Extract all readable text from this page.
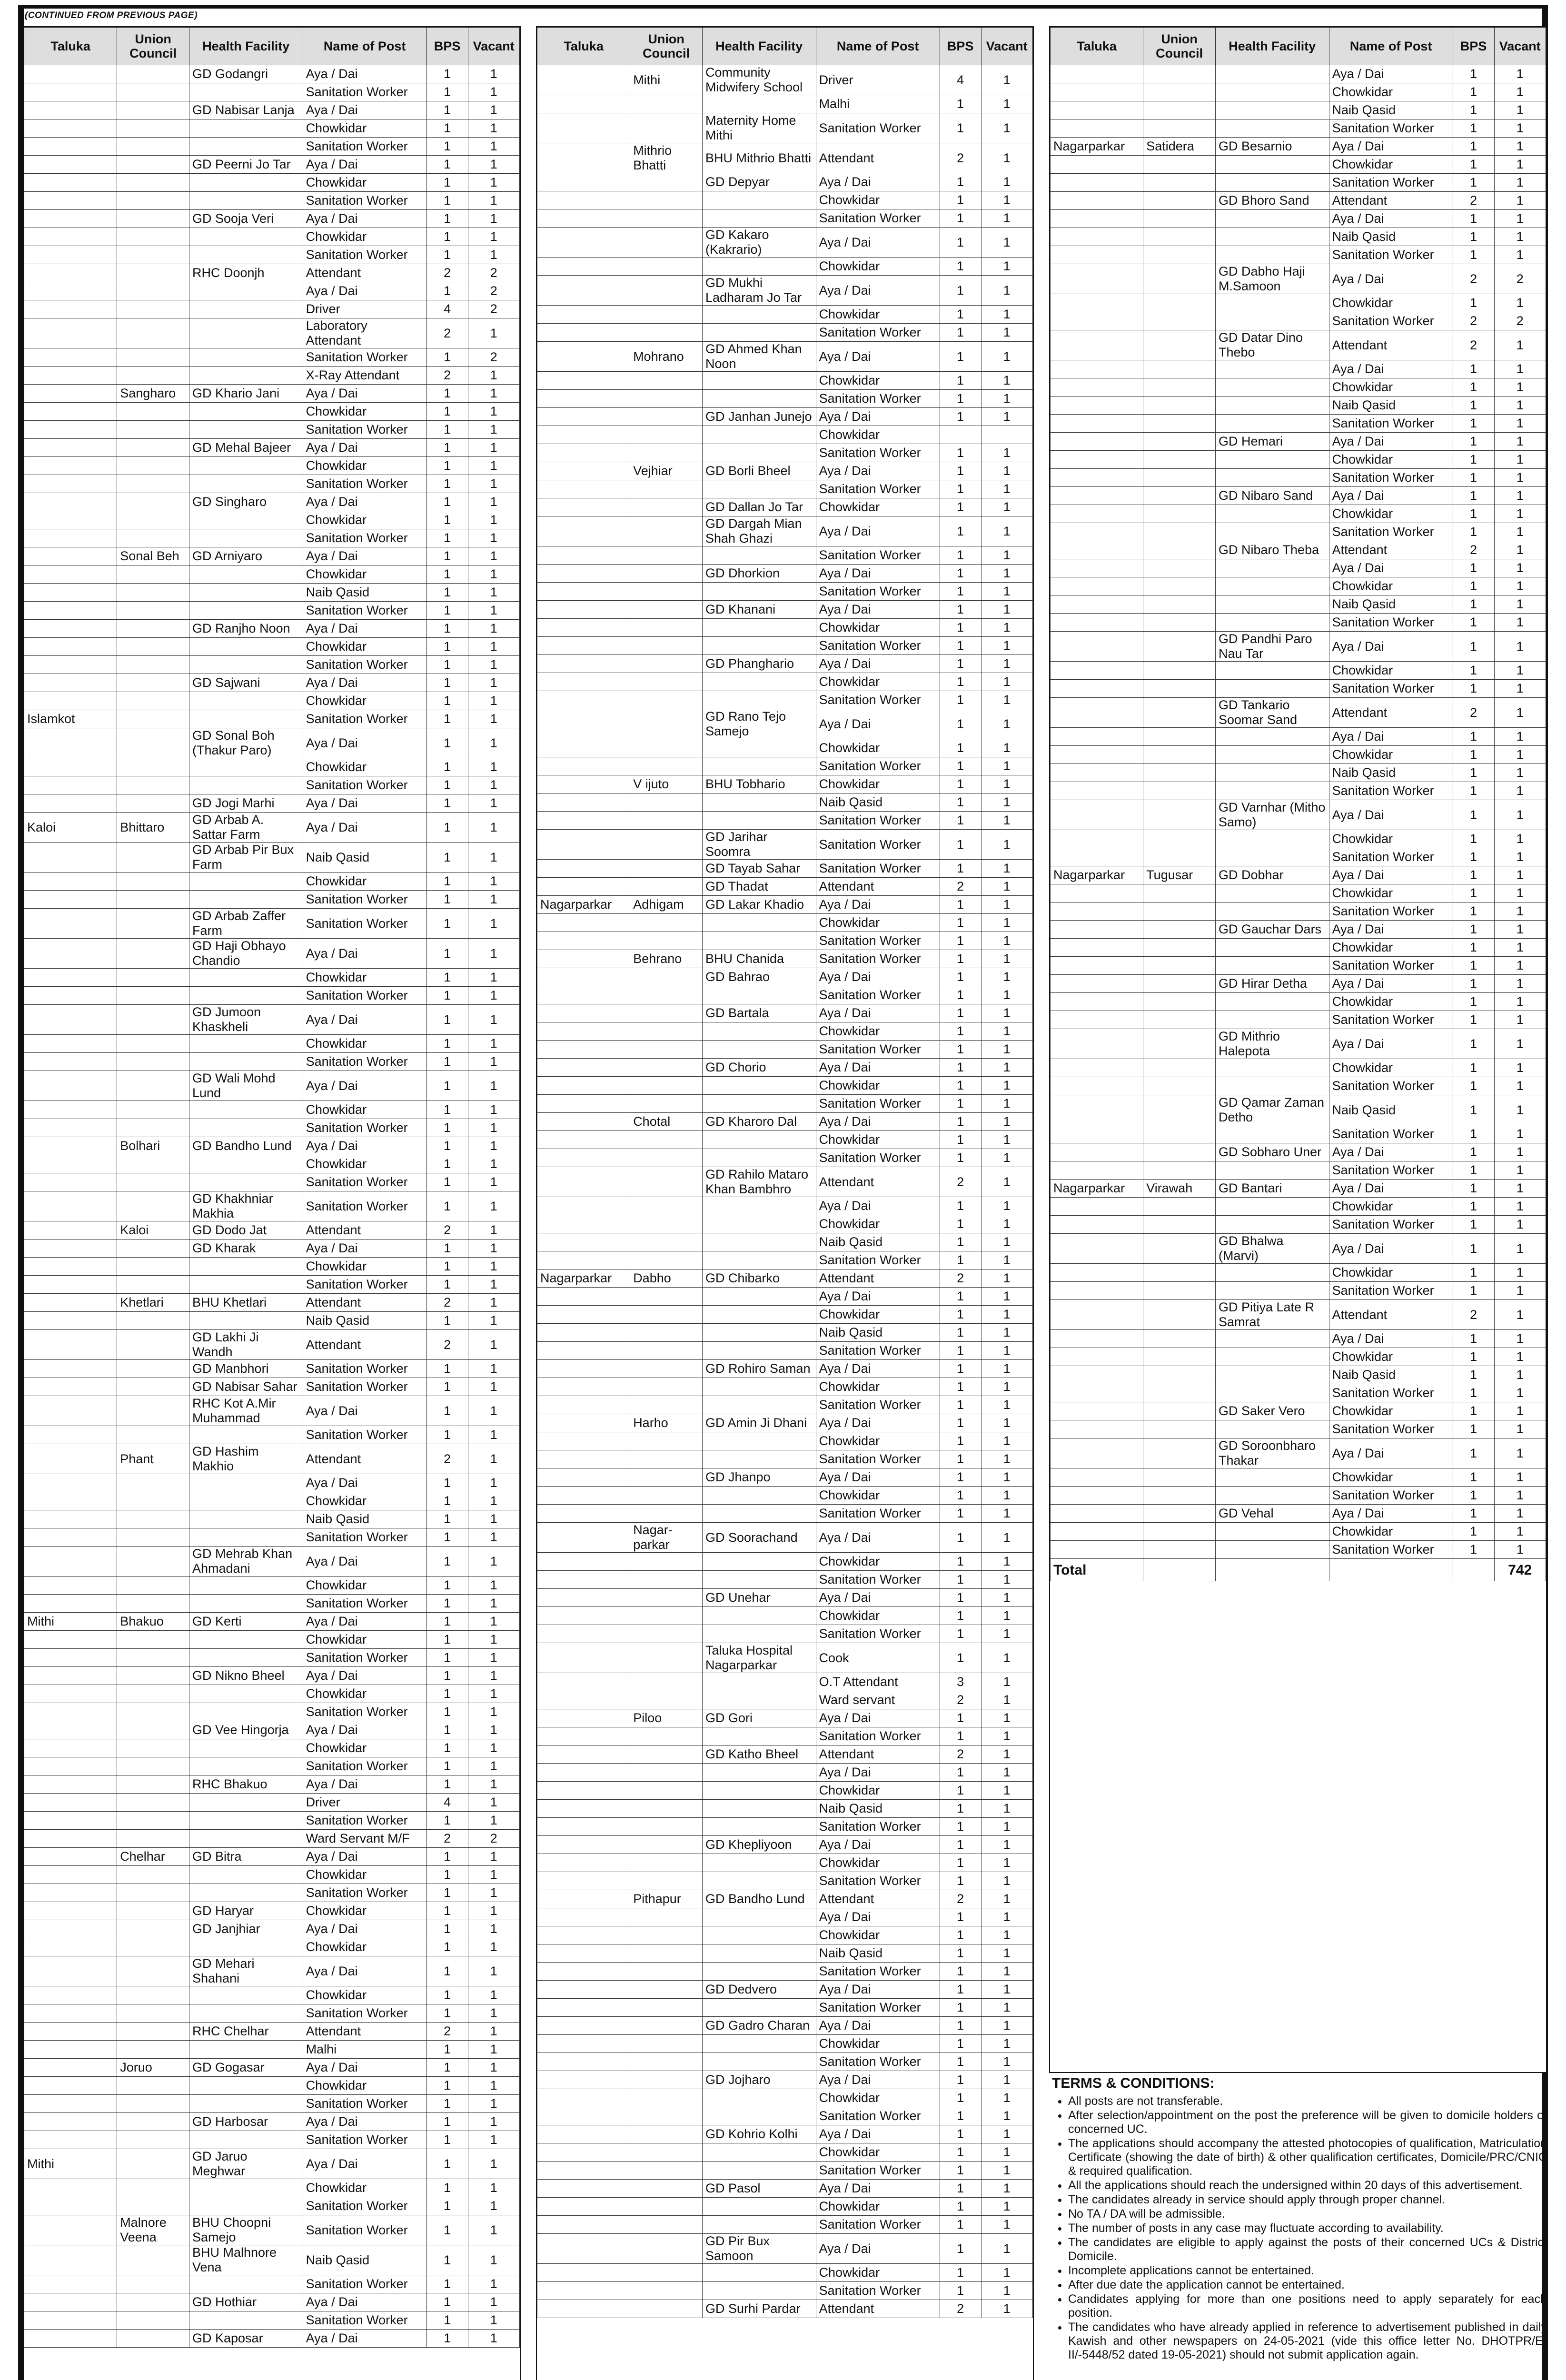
(CONTINUED FROM PREVIOUS PAGE)
Taluka	Union Council	Health Facility	Name of Post	BPS	Vacant
		GD Godangri	Aya / Dai	1	1
			Sanitation Worker	1	1
		GD Nabisar Lanja	Aya / Dai	1	1
			Chowkidar	1	1
			Sanitation Worker	1	1
		GD Peerni Jo Tar	Aya / Dai	1	1
			Chowkidar	1	1
			Sanitation Worker	1	1
		GD Sooja Veri	Aya / Dai	1	1
			Chowkidar	1	1
			Sanitation Worker	1	1
		RHC Doonjh	Attendant	2	2
			Aya / Dai	1	2
			Driver	4	2
			Laboratory Attendant	2	1
			Sanitation Worker	1	2
			X-Ray Attendant	2	1
	Sangharo	GD Khario Jani	Aya / Dai	1	1
			Chowkidar	1	1
			Sanitation Worker	1	1
		GD Mehal Bajeer	Aya / Dai	1	1
			Chowkidar	1	1
			Sanitation Worker	1	1
		GD Singharo	Aya / Dai	1	1
			Chowkidar	1	1
			Sanitation Worker	1	1
	Sonal Beh	GD Arniyaro	Aya / Dai	1	1
			Chowkidar	1	1
			Naib Qasid	1	1
			Sanitation Worker	1	1
		GD Ranjho Noon	Aya / Dai	1	1
			Chowkidar	1	1
			Sanitation Worker	1	1
		GD Sajwani	Aya / Dai	1	1
			Chowkidar	1	1
Islamkot			Sanitation Worker	1	1
		GD Sonal Boh (Thakur Paro)	Aya / Dai	1	1
			Chowkidar	1	1
			Sanitation Worker	1	1
		GD Jogi Marhi	Aya / Dai	1	1
Kaloi	Bhittaro	GD Arbab A. Sattar Farm	Aya / Dai	1	1
		GD Arbab Pir Bux Farm	Naib Qasid	1	1
			Chowkidar	1	1
			Sanitation Worker	1	1
		GD Arbab Zaffer Farm	Sanitation Worker	1	1
		GD Haji Obhayo Chandio	Aya / Dai	1	1
			Chowkidar	1	1
			Sanitation Worker	1	1
		GD Jumoon Khaskheli	Aya / Dai	1	1
			Chowkidar	1	1
			Sanitation Worker	1	1
		GD Wali Mohd Lund	Aya / Dai	1	1
			Chowkidar	1	1
			Sanitation Worker	1	1
	Bolhari	GD Bandho Lund	Aya / Dai	1	1
			Chowkidar	1	1
			Sanitation Worker	1	1
		GD Khakhniar Makhia	Sanitation Worker	1	1
	Kaloi	GD Dodo Jat	Attendant	2	1
		GD Kharak	Aya / Dai	1	1
			Chowkidar	1	1
			Sanitation Worker	1	1
	Khetlari	BHU Khetlari	Attendant	2	1
			Naib Qasid	1	1
		GD Lakhi Ji Wandh	Attendant	2	1
		GD Manbhori	Sanitation Worker	1	1
		GD Nabisar Sahar	Sanitation Worker	1	1
		RHC Kot A.Mir Muhammad	Aya / Dai	1	1
			Sanitation Worker	1	1
	Phant	GD Hashim Makhio	Attendant	2	1
			Aya / Dai	1	1
			Chowkidar	1	1
			Naib Qasid	1	1
			Sanitation Worker	1	1
		GD Mehrab Khan Ahmadani	Aya / Dai	1	1
			Chowkidar	1	1
			Sanitation Worker	1	1
Mithi	Bhakuo	GD Kerti	Aya / Dai	1	1
			Chowkidar	1	1
			Sanitation Worker	1	1
		GD Nikno Bheel	Aya / Dai	1	1
			Chowkidar	1	1
			Sanitation Worker	1	1
		GD Vee Hingorja	Aya / Dai	1	1
			Chowkidar	1	1
			Sanitation Worker	1	1
		RHC Bhakuo	Aya / Dai	1	1
			Driver	4	1
			Sanitation Worker	1	1
			Ward Servant M/F	2	2
	Chelhar	GD Bitra	Aya / Dai	1	1
			Chowkidar	1	1
			Sanitation Worker	1	1
		GD Haryar	Chowkidar	1	1
		GD Janjhiar	Aya / Dai	1	1
			Chowkidar	1	1
		GD Mehari Shahani	Aya / Dai	1	1
			Chowkidar	1	1
			Sanitation Worker	1	1
		RHC Chelhar	Attendant	2	1
			Malhi	1	1
	Joruo	GD Gogasar	Aya / Dai	1	1
			Chowkidar	1	1
			Sanitation Worker	1	1
		GD Harbosar	Aya / Dai	1	1
			Sanitation Worker	1	1
Mithi		GD Jaruo Meghwar	Aya / Dai	1	1
			Chowkidar	1	1
			Sanitation Worker	1	1
	Malnore Veena	BHU Choopni Samejo	Sanitation Worker	1	1
		BHU Malhnore Vena	Naib Qasid	1	1
			Sanitation Worker	1	1
		GD Hothiar	Aya / Dai	1	1
			Sanitation Worker	1	1
		GD Kaposar	Aya / Dai	1	1
Taluka	Union Council	Health Facility	Name of Post	BPS	Vacant
	Mithi	Community Midwifery School	Driver	4	1
			Malhi	1	1
		Maternity Home Mithi	Sanitation Worker	1	1
	Mithrio Bhatti	BHU Mithrio Bhatti	Attendant	2	1
		GD Depyar	Aya / Dai	1	1
			Chowkidar	1	1
			Sanitation Worker	1	1
		GD Kakaro (Kakrario)	Aya / Dai	1	1
			Chowkidar	1	1
		GD Mukhi Ladharam Jo Tar	Aya / Dai	1	1
			Chowkidar	1	1
			Sanitation Worker	1	1
	Mohrano	GD Ahmed Khan Noon	Aya / Dai	1	1
			Chowkidar	1	1
			Sanitation Worker	1	1
		GD Janhan Junejo	Aya / Dai	1	1
			Chowkidar		
			Sanitation Worker	1	1
	Vejhiar	GD Borli Bheel	Aya / Dai	1	1
			Sanitation Worker	1	1
		GD Dallan Jo Tar	Chowkidar	1	1
		GD Dargah Mian Shah Ghazi	Aya / Dai	1	1
			Sanitation Worker	1	1
		GD Dhorkion	Aya / Dai	1	1
			Sanitation Worker	1	1
		GD Khanani	Aya / Dai	1	1
			Chowkidar	1	1
			Sanitation Worker	1	1
		GD Phanghario	Aya / Dai	1	1
			Chowkidar	1	1
			Sanitation Worker	1	1
		GD Rano Tejo Samejo	Aya / Dai	1	1
			Chowkidar	1	1
			Sanitation Worker	1	1
	V ijuto	BHU Tobhario	Chowkidar	1	1
			Naib Qasid	1	1
			Sanitation Worker	1	1
		GD Jarihar Soomra	Sanitation Worker	1	1
		GD Tayab Sahar	Sanitation Worker	1	1
		GD Thadat	Attendant	2	1
Nagarparkar	Adhigam	GD Lakar Khadio	Aya / Dai	1	1
			Chowkidar	1	1
			Sanitation Worker	1	1
	Behrano	BHU Chanida	Sanitation Worker	1	1
		GD Bahrao	Aya / Dai	1	1
			Sanitation Worker	1	1
		GD Bartala	Aya / Dai	1	1
			Chowkidar	1	1
			Sanitation Worker	1	1
		GD Chorio	Aya / Dai	1	1
			Chowkidar	1	1
			Sanitation Worker	1	1
	Chotal	GD Kharoro Dal	Aya / Dai	1	1
			Chowkidar	1	1
			Sanitation Worker	1	1
		GD Rahilo Mataro Khan Bambhro	Attendant	2	1
			Aya / Dai	1	1
			Chowkidar	1	1
			Naib Qasid	1	1
			Sanitation Worker	1	1
Nagarparkar	Dabho	GD Chibarko	Attendant	2	1
			Aya / Dai	1	1
			Chowkidar	1	1
			Naib Qasid	1	1
			Sanitation Worker	1	1
		GD Rohiro Saman	Aya / Dai	1	1
			Chowkidar	1	1
			Sanitation Worker	1	1
	Harho	GD Amin Ji Dhani	Aya / Dai	1	1
			Chowkidar	1	1
			Sanitation Worker	1	1
		GD Jhanpo	Aya / Dai	1	1
			Chowkidar	1	1
			Sanitation Worker	1	1
	Nagar-parkar	GD Soorachand	Aya / Dai	1	1
			Chowkidar	1	1
			Sanitation Worker	1	1
		GD Unehar	Aya / Dai	1	1
			Chowkidar	1	1
			Sanitation Worker	1	1
		Taluka Hospital Nagarparkar	Cook	1	1
			O.T Attendant	3	1
			Ward servant	2	1
	Piloo	GD Gori	Aya / Dai	1	1
			Sanitation Worker	1	1
		GD Katho Bheel	Attendant	2	1
			Aya / Dai	1	1
			Chowkidar	1	1
			Naib Qasid	1	1
			Sanitation Worker	1	1
		GD Khepliyoon	Aya / Dai	1	1
			Chowkidar	1	1
			Sanitation Worker	1	1
	Pithapur	GD Bandho Lund	Attendant	2	1
			Aya / Dai	1	1
			Chowkidar	1	1
			Naib Qasid	1	1
			Sanitation Worker	1	1
		GD Dedvero	Aya / Dai	1	1
			Sanitation Worker	1	1
		GD Gadro Charan	Aya / Dai	1	1
			Chowkidar	1	1
			Sanitation Worker	1	1
		GD Jojharo	Aya / Dai	1	1
			Chowkidar	1	1
			Sanitation Worker	1	1
		GD Kohrio Kolhi	Aya / Dai	1	1
			Chowkidar	1	1
			Sanitation Worker	1	1
		GD Pasol	Aya / Dai	1	1
			Chowkidar	1	1
			Sanitation Worker	1	1
		GD Pir Bux Samoon	Aya / Dai	1	1
			Chowkidar	1	1
			Sanitation Worker	1	1
		GD Surhi Pardar	Attendant	2	1
Taluka	Union Council	Health Facility	Name of Post	BPS	Vacant
			Aya / Dai	1	1
			Chowkidar	1	1
			Naib Qasid	1	1
			Sanitation Worker	1	1
Nagarparkar	Satidera	GD Besarnio	Aya / Dai	1	1
			Chowkidar	1	1
			Sanitation Worker	1	1
		GD Bhoro Sand	Attendant	2	1
			Aya / Dai	1	1
			Naib Qasid	1	1
			Sanitation Worker	1	1
		GD Dabho Haji M.Samoon	Aya / Dai	2	2
			Chowkidar	1	1
			Sanitation Worker	2	2
		GD Datar Dino Thebo	Attendant	2	1
			Aya / Dai	1	1
			Chowkidar	1	1
			Naib Qasid	1	1
			Sanitation Worker	1	1
		GD Hemari	Aya / Dai	1	1
			Chowkidar	1	1
			Sanitation Worker	1	1
		GD Nibaro Sand	Aya / Dai	1	1
			Chowkidar	1	1
			Sanitation Worker	1	1
		GD Nibaro Theba	Attendant	2	1
			Aya / Dai	1	1
			Chowkidar	1	1
			Naib Qasid	1	1
			Sanitation Worker	1	1
		GD Pandhi Paro Nau Tar	Aya / Dai	1	1
			Chowkidar	1	1
			Sanitation Worker	1	1
		GD Tankario Soomar Sand	Attendant	2	1
			Aya / Dai	1	1
			Chowkidar	1	1
			Naib Qasid	1	1
			Sanitation Worker	1	1
		GD Varnhar (Mitho Samo)	Aya / Dai	1	1
			Chowkidar	1	1
			Sanitation Worker	1	1
Nagarparkar	Tugusar	GD Dobhar	Aya / Dai	1	1
			Chowkidar	1	1
			Sanitation Worker	1	1
		GD Gauchar Dars	Aya / Dai	1	1
			Chowkidar	1	1
			Sanitation Worker	1	1
		GD Hirar Detha	Aya / Dai	1	1
			Chowkidar	1	1
			Sanitation Worker	1	1
		GD Mithrio Halepota	Aya / Dai	1	1
			Chowkidar	1	1
			Sanitation Worker	1	1
		GD Qamar Zaman Detho	Naib Qasid	1	1
			Sanitation Worker	1	1
		GD Sobharo Uner	Aya / Dai	1	1
			Sanitation Worker	1	1
Nagarparkar	Virawah	GD Bantari	Aya / Dai	1	1
			Chowkidar	1	1
			Sanitation Worker	1	1
		GD Bhalwa (Marvi)	Aya / Dai	1	1
			Chowkidar	1	1
			Sanitation Worker	1	1
		GD Pitiya Late R Samrat	Attendant	2	1
			Aya / Dai	1	1
			Chowkidar	1	1
			Naib Qasid	1	1
			Sanitation Worker	1	1
		GD Saker Vero	Chowkidar	1	1
			Sanitation Worker	1	1
		GD Soroonbharo Thakar	Aya / Dai	1	1
			Chowkidar	1	1
			Sanitation Worker	1	1
		GD Vehal	Aya / Dai	1	1
			Chowkidar	1	1
			Sanitation Worker	1	1
Total					742
TERMS & CONDITIONS:
• All posts are not transferable.
• After selection/appointment on the post the preference will be given to domicile holders of concerned UC.
• The applications should accompany the attested photocopies of qualification, Matriculation Certificate (showing the date of birth) & other qualification certificates, Domicile/PRC/CNIC & required qualification.
• All the applications should reach the undersigned within 20 days of this advertisement.
• The candidates already in service should apply through proper channel.
• No TA / DA will be admissible.
• The number of posts in any case may fluctuate according to availability.
• The candidates are eligible to apply against the posts of their concerned UCs & District Domicile.
• Incomplete applications cannot be entertained.
• After due date the application cannot be entertained.
• Candidates applying for more than one positions need to apply separately for each position.
• The candidates who have already applied in reference to advertisement published in daily Kawish and other newspapers on 24-05-2021 (vide this office letter No. DHOTPR/E-II/-5448/52 dated 19-05-2021) should not submit application again.
